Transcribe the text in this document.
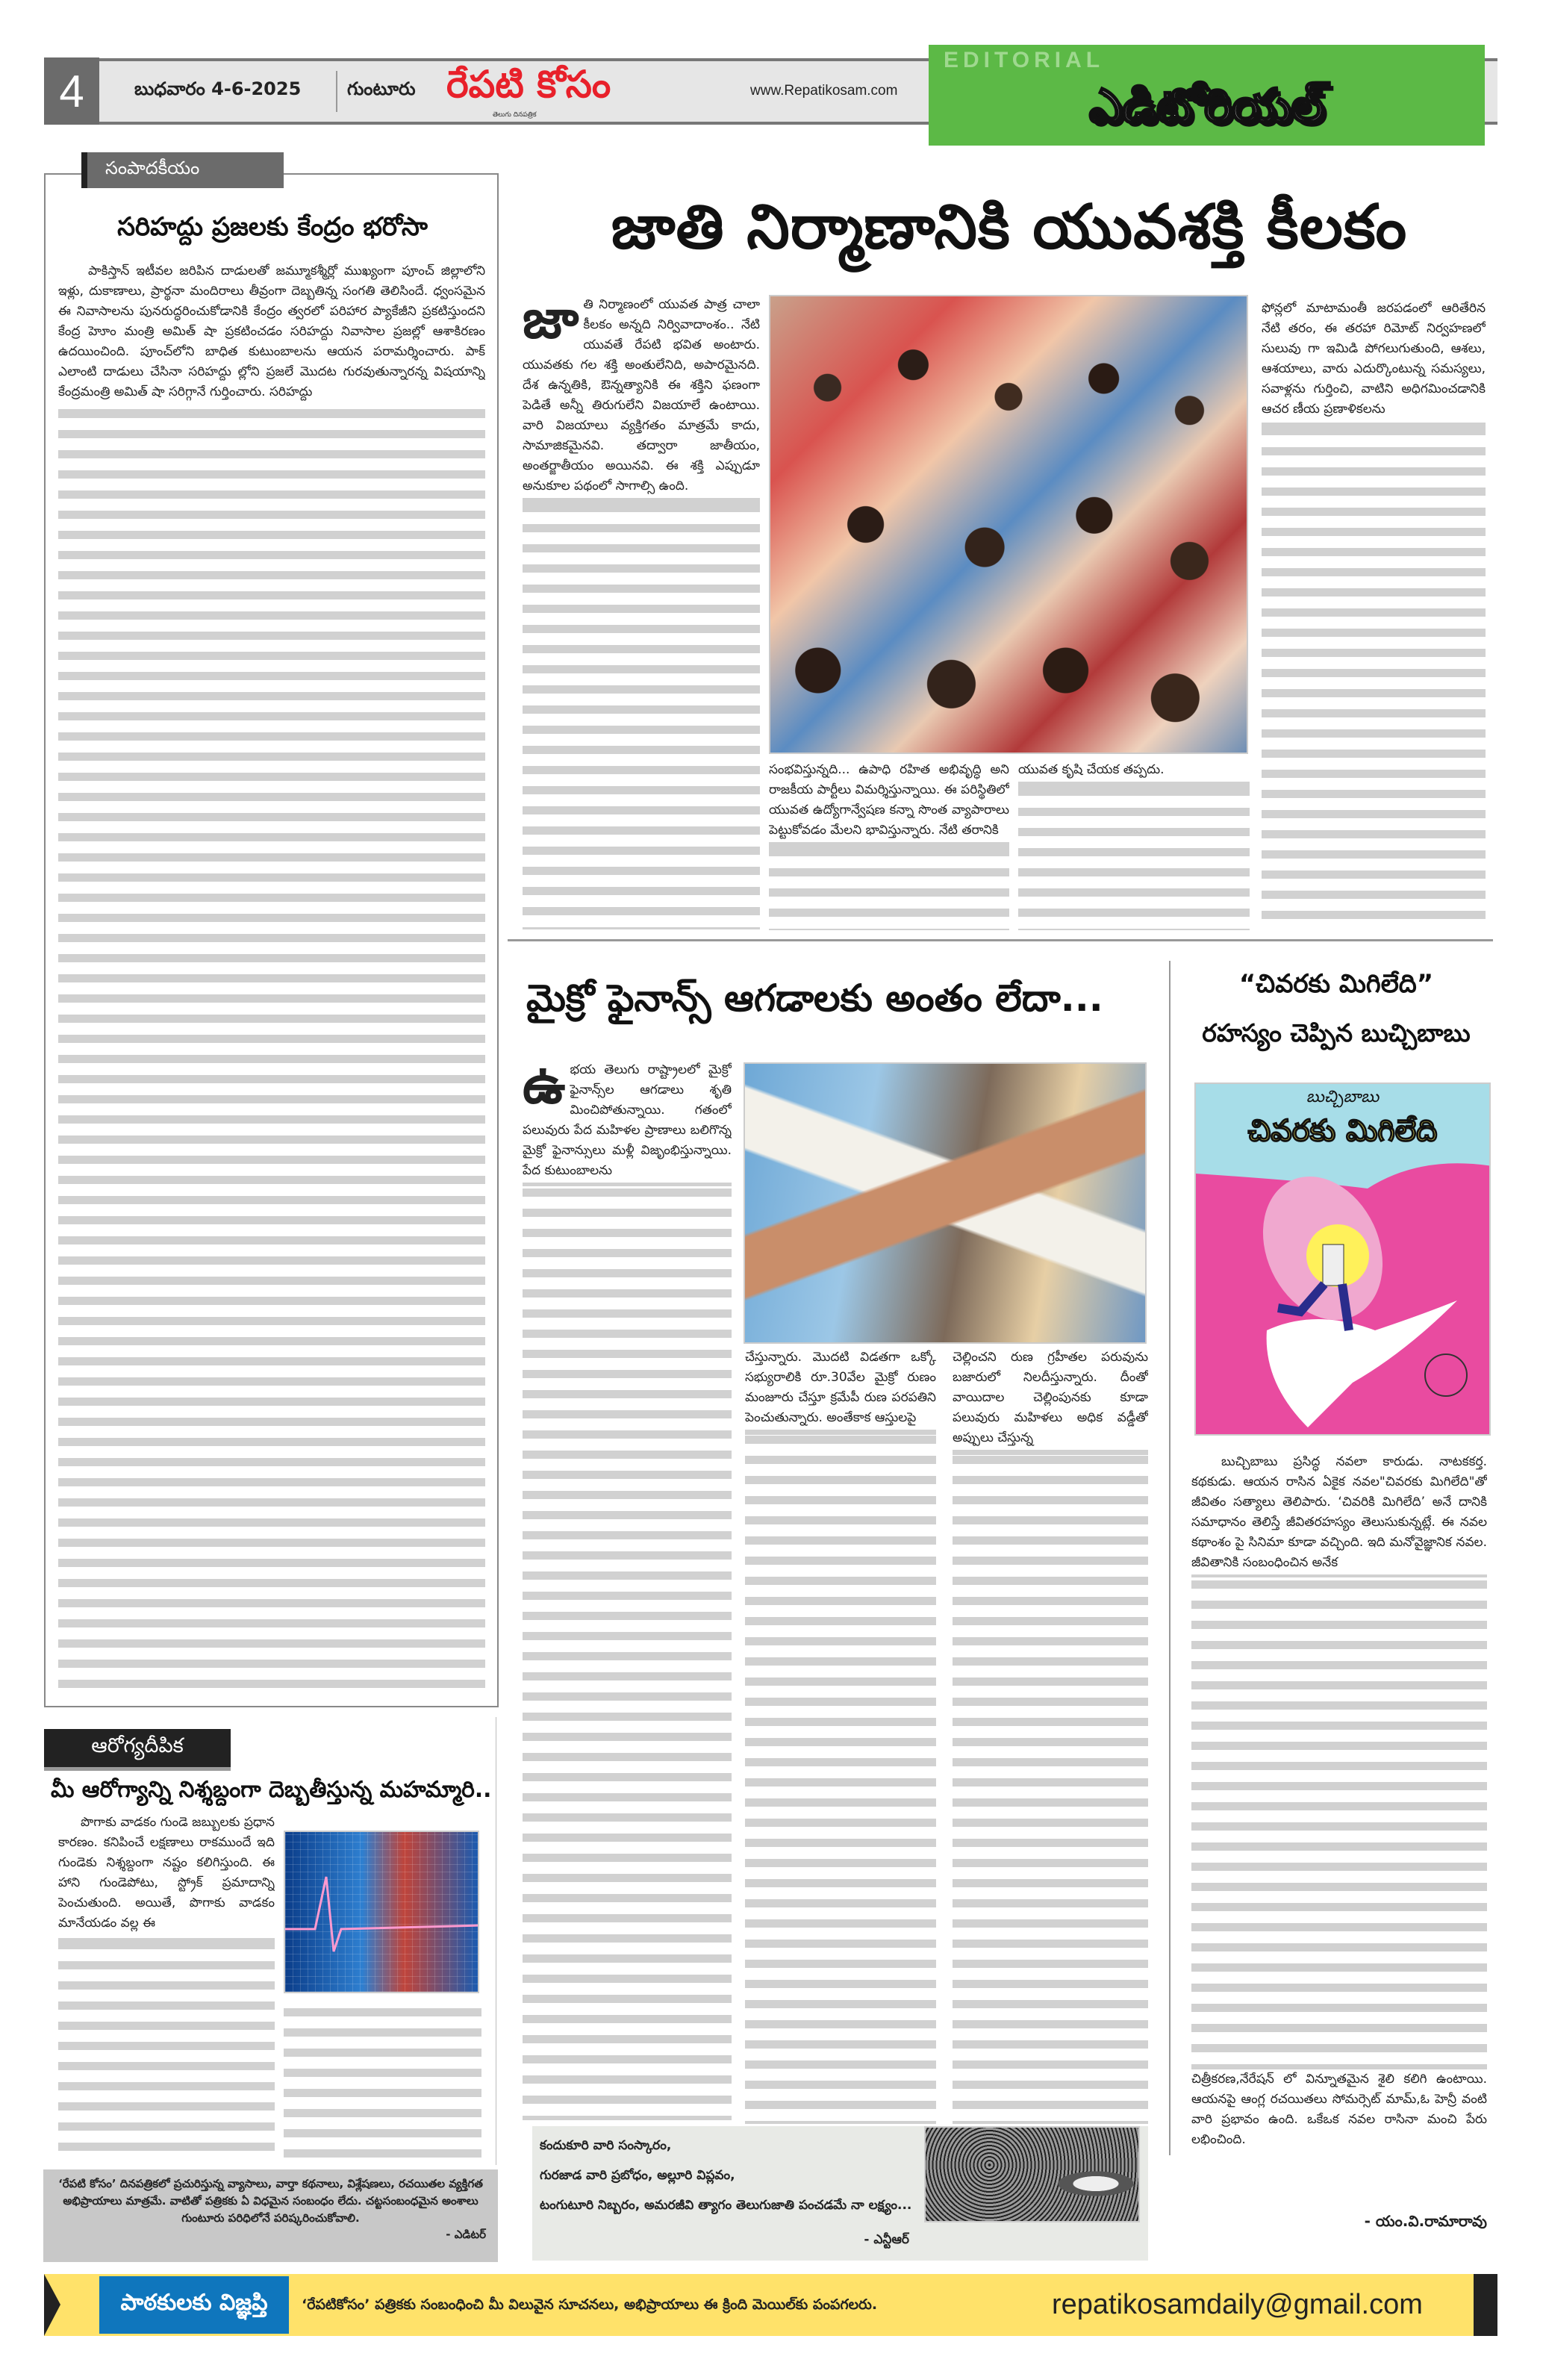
4	బుధవారం 4-6-2025	గుంటూరు రేపటి కోసం
తెలుగు దినపత్రిక
www.Repatikosam.com
EDITORIAL
ఎడిటోరియల్
సంపాదకీయం
సరిహద్దు ప్రజలకు కేంద్రం భరోసా

పాకిస్తాన్ ఇటీవల జరిపిన దాడులతో జమ్మూకశ్మీర్లో ముఖ్యంగా పూంచ్ జిల్లాలోని ఇళ్లు, దుకాణాలు, ప్రార్థనా మందిరాలు తీవ్రంగా దెబ్బతిన్న సంగతి తెలిసిందే. ధ్వంసమైన ఈ నివాసాలను పునరుద్ధరించుకోడానికి కేంద్రం త్వరలో పరిహార ప్యాకేజీని ప్రకటిస్తుందని కేంద్ర హెూం మంత్రి అమిత్ షా ప్రకటించడం సరిహద్దు నివాసాల ప్రజల్లో ఆశాకిరణం ఉదయించింది. పూంచ్‌లోని బాధిత కుటుంబాలను ఆయన పరామర్శించారు. పాక్ ఎలాంటి దాడులు చేసినా సరిహద్దు ల్లోని ప్రజలే మొదట గురవుతున్నారన్న విషయాన్ని కేంద్రమంత్రి అమిత్ షా సరిగ్గానే గుర్తించారు. సరిహద్దు

జాతి నిర్మాణానికి యువశక్తి కీలకం

జాతి నిర్మాణంలో యువత పాత్ర చాలా కీలకం అన్నది నిర్వివాదాంశం.. నేటి యువతే రేపటి భవిత అంటారు. యువతకు గల శక్తి అంతులేనిది, అపారమైనది. దేశ ఉన్నతికి, ఔన్నత్యానికి ఈ శక్తిని ఫణంగా పెడితే అన్నీ తిరుగులేని విజయాలే ఉంటాయి. వారి విజయాలు వ్యక్తిగతం మాత్రమే కాదు, సామాజికమైనవి. తద్వారా జాతీయం, అంతర్జాతీయం అయినవి. ఈ శక్తి ఎప్పుడూ అనుకూల పథంలో సాగాల్సి ఉంది.

సంభవిస్తున్నది... ఉపాధి రహిత అభివృద్ధి అని రాజకీయ పార్టీలు విమర్శిస్తున్నాయి. ఈ పరిస్థితిలో యువత ఉద్యోగాన్వేషణ కన్నా సొంత వ్యాపారాలు పెట్టుకోవడం మేలని భావిస్తున్నారు. నేటి తరానికి

యువత కృషి చేయక తప్పదు.

ఫోన్లలో మాటామంతీ జరపడంలో ఆరితేరిన నేటి తరం, ఈ తరహా రిమోట్ నిర్వహణలో సులువు గా ఇమిడి పోగలుగుతుంది, ఆశలు, ఆశయాలు, వారు ఎదుర్కొంటున్న సమస్యలు, సవాళ్లను గుర్తించి, వాటిని అధిగమించడానికి ఆచర ణీయ ప్రణాళికలను

మైక్రో ఫైనాన్స్ ఆగడాలకు అంతం లేదా...

ఉభయ తెలుగు రాష్ట్రాలలో మైక్రో ఫైనాన్స్‌ల ఆగడాలు శృతి మించిపోతున్నాయి. గతంలో పలువురు పేద మహిళల ప్రాణాలు బలిగొన్న మైక్రో ఫైనాన్సులు మళ్లీ విజృంభిస్తున్నాయి. పేద కుటుంబాలను

చేస్తున్నారు. మొదటి విడతగా ఒక్కో సభ్యురాలికి రూ.30వేల మైక్రో రుణం మంజూరు చేస్తూ క్రమేపీ రుణ పరపతిని పెంచుతున్నారు. అంతేకాక ఆస్తులపై

చెల్లించని రుణ గ్రహీతల పరువును బజారులో నిలదీస్తున్నారు. దీంతో వాయిదాల చెల్లింపునకు కూడా పలువురు మహిళలు అధిక వడ్డీతో అప్పులు చేస్తున్న

“చివరకు మిగిలేది”
రహస్యం చెప్పిన బుచ్చిబాబు
బుచ్చిబాబు
చివరకు మిగిలేది

బుచ్చిబాబు ప్రసిద్ధ నవలా కారుడు. నాటకకర్త. కథకుడు. ఆయన రాసిన ఏకైక నవల"చివరకు మిగిలేది"తో జీవితం సత్యాలు తెలిపారు. ‘చివరికి మిగిలేది’ అనే దానికి సమాధానం తెలిస్తే జీవితరహస్యం తెలుసుకున్నట్లే. ఈ నవల కథాంశం పై సినిమా కూడా వచ్చింది. ఇది మనోవైజ్ఞానిక నవల. జీవితానికి సంబంధించిన అనేక

చిత్రీకరణ,నేరేషన్ లో విన్నూతమైన శైలి కలిగి ఉంటాయి. ఆయనపై ఆంగ్ల రచయితలు సోమర్సెట్ మామ్,ఓ హెన్రీ వంటి వారి ప్రభావం ఉంది. ఒకేఒక నవల రాసినా మంచి పేరు లభించింది.

- యం.వి.రామారావు
ఆరోగ్యదీపిక
మీ ఆరోగ్యాన్ని నిశ్శబ్దంగా దెబ్బతీస్తున్న మహమ్మారి..

పొగాకు వాడకం గుండె జబ్బులకు ప్రధాన కారణం. కనిపించే లక్షణాలు రాకముందే ఇది గుండెకు నిశ్శబ్దంగా నష్టం కలిగిస్తుంది. ఈ హాని గుండెపోటు, స్ట్రోక్ ప్రమాదాన్ని పెంచుతుంది. అయితే, పొగాకు వాడకం మానేయడం వల్ల ఈ

‘రేపటి కోసం’ దినపత్రికలో ప్రచురిస్తున్న వ్యాసాలు, వార్తా కథనాలు, విశ్లేషణలు, రచయితల వ్యక్తిగత అభిప్రాయాలు మాత్రమే. వాటితో పత్రికకు ఏ విధమైన సంబంధం లేదు. చట్టసంబంధమైన అంశాలు గుంటూరు పరిధిలోనే పరిష్కరించుకోవాలి.
- ఎడిటర్
కందుకూరి వారి సంస్కారం,
గురజాడ వారి ప్రబోధం, అల్లూరి విప్లవం,
టంగుటూరి నిబ్బరం, అమరజీవి త్యాగం తెలుగుజాతి పంచడమే నా లక్ష్యం...
- ఎన్టీఆర్
పాఠకులకు విజ్ఞప్తి	‘రేపటికోసం’ పత్రికకు సంబంధించి మీ విలువైన సూచనలు, అభిప్రాయాలు ఈ క్రింది మెయిల్‌కు పంపగలరు.	repatikosamdaily@gmail.com
